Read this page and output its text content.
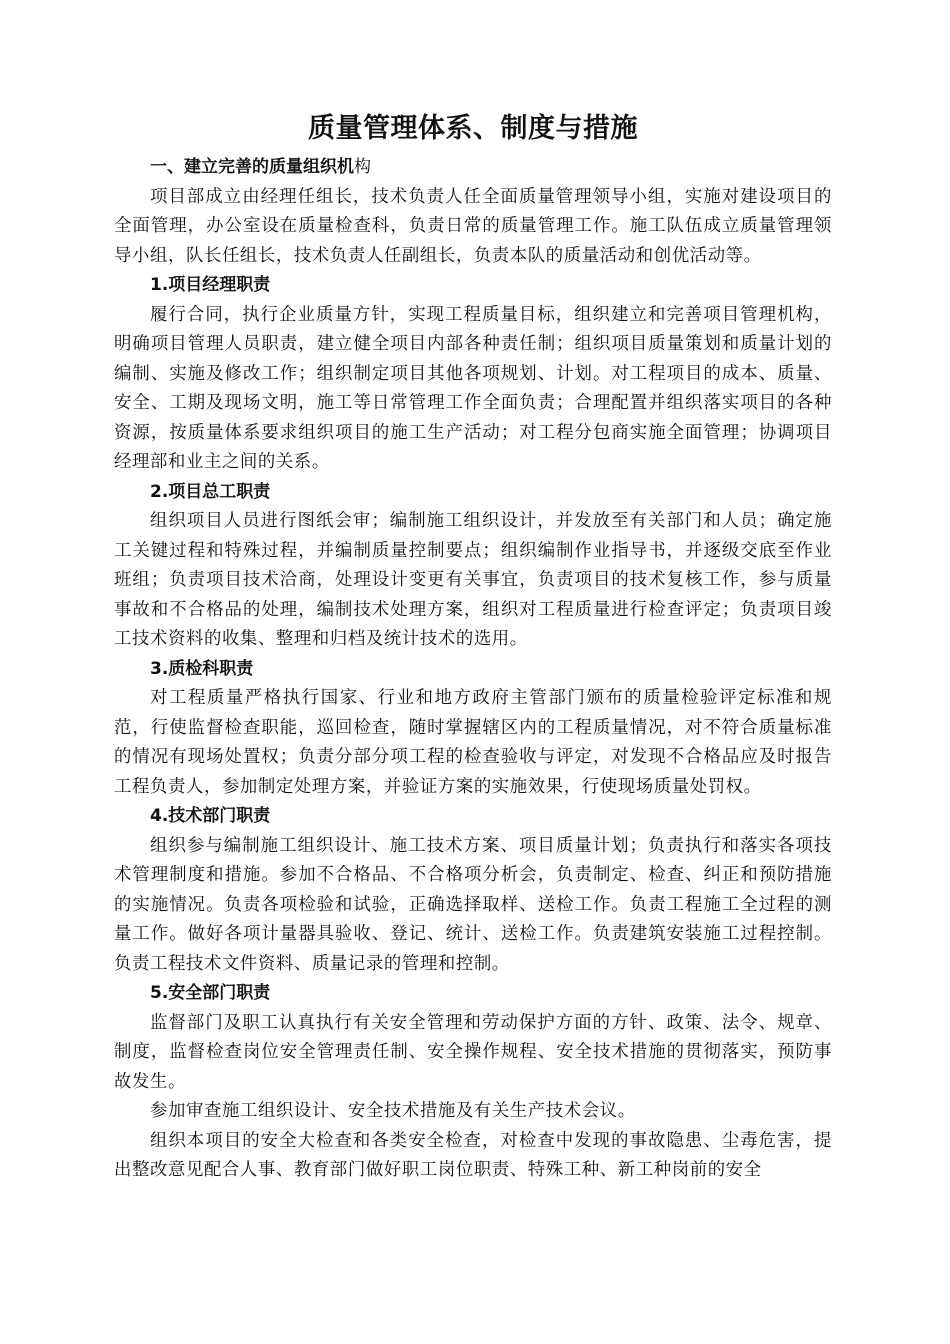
质量管理体系、制度与措施
一、建立完善的质量组织机构

项目部成立由经理任组长，技术负责人任全面质量管理领导小组，实施对建设项目的全面管理，办公室设在质量检查科，负责日常的质量管理工作。施工队伍成立质量管理领导小组，队长任组长，技术负责人任副组长，负责本队的质量活动和创优活动等。

1.项目经理职责

履行合同，执行企业质量方针，实现工程质量目标，组织建立和完善项目管理机构，明确项目管理人员职责，建立健全项目内部各种责任制；组织项目质量策划和质量计划的编制、实施及修改工作；组织制定项目其他各项规划、计划。对工程项目的成本、质量、安全、工期及现场文明，施工等日常管理工作全面负责；合理配置并组织落实项目的各种资源，按质量体系要求组织项目的施工生产活动；对工程分包商实施全面管理；协调项目经理部和业主之间的关系。

2.项目总工职责

组织项目人员进行图纸会审；编制施工组织设计，并发放至有关部门和人员；确定施工关键过程和特殊过程，并编制质量控制要点；组织编制作业指导书，并逐级交底至作业班组；负责项目技术洽商，处理设计变更有关事宜，负责项目的技术复核工作，参与质量事故和不合格品的处理，编制技术处理方案，组织对工程质量进行检查评定；负责项目竣工技术资料的收集、整理和归档及统计技术的选用。

3.质检科职责

对工程质量严格执行国家、行业和地方政府主管部门颁布的质量检验评定标准和规范，行使监督检查职能，巡回检查，随时掌握辖区内的工程质量情况，对不符合质量标准的情况有现场处置权；负责分部分项工程的检查验收与评定，对发现不合格品应及时报告工程负责人，参加制定处理方案，并验证方案的实施效果，行使现场质量处罚权。

4.技术部门职责

组织参与编制施工组织设计、施工技术方案、项目质量计划；负责执行和落实各项技术管理制度和措施。参加不合格品、不合格项分析会，负责制定、检查、纠正和预防措施的实施情况。负责各项检验和试验，正确选择取样、送检工作。负责工程施工全过程的测量工作。做好各项计量器具验收、登记、统计、送检工作。负责建筑安装施工过程控制。负责工程技术文件资料、质量记录的管理和控制。

5.安全部门职责

监督部门及职工认真执行有关安全管理和劳动保护方面的方针、政策、法令、规章、制度，监督检查岗位安全管理责任制、安全操作规程、安全技术措施的贯彻落实，预防事故发生。

参加审查施工组织设计、安全技术措施及有关生产技术会议。

组织本项目的安全大检查和各类安全检查，对检查中发现的事故隐患、尘毒危害，提出整改意见配合人事、教育部门做好职工岗位职责、特殊工种、新工种岗前的安全
